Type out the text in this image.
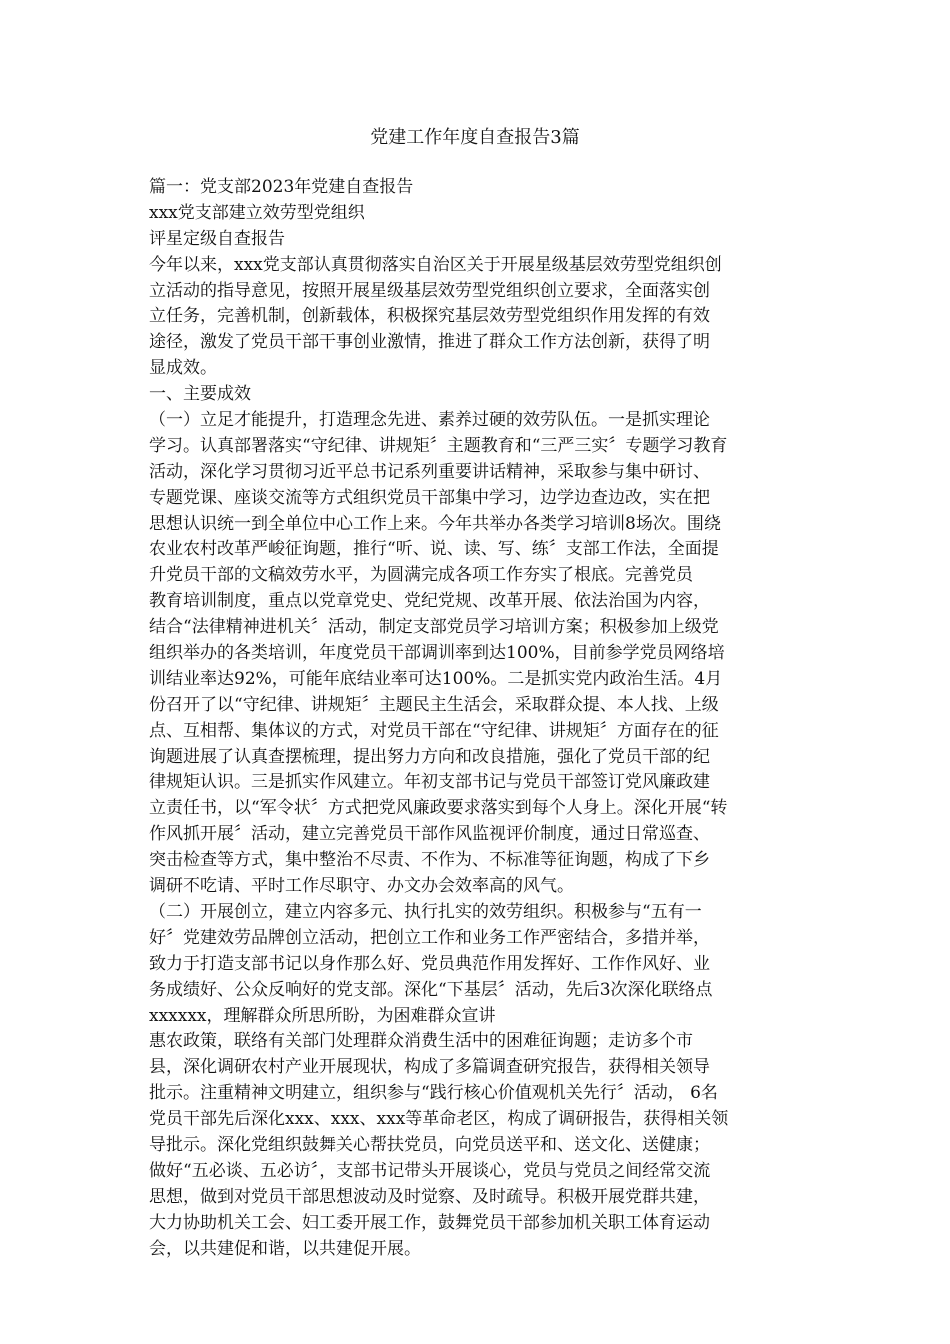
党建工作年度自查报告3篇
篇一：党支部2023年党建自查报告
xxx党支部建立效劳型党组织
评星定级自查报告
今年以来，xxx党支部认真贯彻落实自治区关于开展星级基层效劳型党组织创
立活动的指导意见，按照开展星级基层效劳型党组织创立要求，全面落实创
立任务，完善机制，创新载体，积极探究基层效劳型党组织作用发挥的有效
途径，激发了党员干部干事创业激情，推进了群众工作方法创新，获得了明
显成效。
一、主要成效
（一）立足才能提升，打造理念先进、素养过硬的效劳队伍。一是抓实理论
学习。认真部署落实“守纪律、讲规矩〞主题教育和“三严三实〞专题学习教育
活动，深化学习贯彻习近平总书记系列重要讲话精神，采取参与集中研讨、
专题党课、座谈交流等方式组织党员干部集中学习，边学边查边改，实在把
思想认识统一到全单位中心工作上来。今年共举办各类学习培训8场次。围绕
农业农村改革严峻征询题，推行“听、说、读、写、练〞支部工作法，全面提
升党员干部的文稿效劳水平，为圆满完成各项工作夯实了根底。完善党员
教育培训制度，重点以党章党史、党纪党规、改革开展、依法治国为内容，
结合“法律精神进机关〞活动，制定支部党员学习培训方案；积极参加上级党
组织举办的各类培训，年度党员干部调训率到达100%，目前参学党员网络培
训结业率达92%，可能年底结业率可达100%。二是抓实党内政治生活。4月
份召开了以“守纪律、讲规矩〞主题民主生活会，采取群众提、本人找、上级
点、互相帮、集体议的方式，对党员干部在“守纪律、讲规矩〞方面存在的征
询题进展了认真查摆梳理，提出努力方向和改良措施，强化了党员干部的纪
律规矩认识。三是抓实作风建立。年初支部书记与党员干部签订党风廉政建
立责任书，以“军令状〞方式把党风廉政要求落实到每个人身上。深化开展“转
作风抓开展〞活动，建立完善党员干部作风监视评价制度，通过日常巡查、
突击检查等方式，集中整治不尽责、不作为、不标准等征询题，构成了下乡
调研不吃请、平时工作尽职守、办文办会效率高的风气。
（二）开展创立，建立内容多元、执行扎实的效劳组织。积极参与“五有一
好〞党建效劳品牌创立活动，把创立工作和业务工作严密结合，多措并举，
致力于打造支部书记以身作那么好、党员典范作用发挥好、工作作风好、业
务成绩好、公众反响好的党支部。深化“下基层〞活动，先后3次深化联络点
xxxxxx，理解群众所思所盼，为困难群众宣讲
惠农政策，联络有关部门处理群众消费生活中的困难征询题；走访多个市
县，深化调研农村产业开展现状，构成了多篇调查研究报告，获得相关领导
批示。注重精神文明建立，组织参与“践行核心价值观机关先行〞活动， 6名
党员干部先后深化xxx、xxx、xxx等革命老区，构成了调研报告，获得相关领
导批示。深化党组织鼓舞关心帮扶党员，向党员送平和、送文化、送健康；
做好“五必谈、五必访〞，支部书记带头开展谈心，党员与党员之间经常交流
思想，做到对党员干部思想波动及时觉察、及时疏导。积极开展党群共建，
大力协助机关工会、妇工委开展工作，鼓舞党员干部参加机关职工体育运动
会，以共建促和谐，以共建促开展。
